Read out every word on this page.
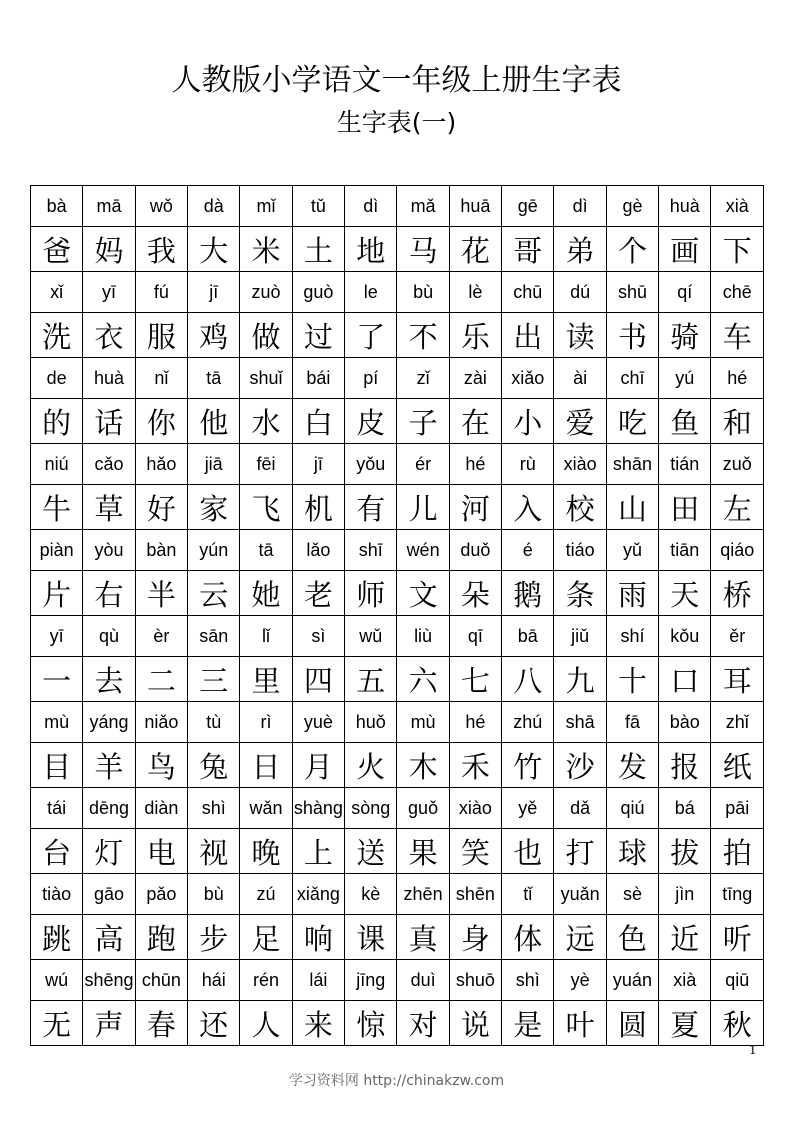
人教版小学语文一年级上册生字表
生字表(一)
bà	mā	wǒ	dà	mǐ	tǔ	dì	mǎ	huā	gē	dì	gè	huà	xià
爸	妈	我	大	米	土	地	马	花	哥	弟	个	画	下
xǐ	yī	fú	jī	zuò	guò	le	bù	lè	chū	dú	shū	qí	chē
洗	衣	服	鸡	做	过	了	不	乐	出	读	书	骑	车
de	huà	nǐ	tā	shuǐ	bái	pí	zǐ	zài	xiǎo	ài	chī	yú	hé
的	话	你	他	水	白	皮	子	在	小	爱	吃	鱼	和
niú	cǎo	hǎo	jiā	fēi	jī	yǒu	ér	hé	rù	xiào	shān	tián	zuǒ
牛	草	好	家	飞	机	有	儿	河	入	校	山	田	左
piàn	yòu	bàn	yún	tā	lǎo	shī	wén	duǒ	é	tiáo	yǔ	tiān	qiáo
片	右	半	云	她	老	师	文	朵	鹅	条	雨	天	桥
yī	qù	èr	sān	lǐ	sì	wǔ	liù	qī	bā	jiǔ	shí	kǒu	ěr
一	去	二	三	里	四	五	六	七	八	九	十	口	耳
mù	yáng	niǎo	tù	rì	yuè	huǒ	mù	hé	zhú	shā	fā	bào	zhǐ
目	羊	鸟	兔	日	月	火	木	禾	竹	沙	发	报	纸
tái	dēng	diàn	shì	wǎn	shàng	sòng	guǒ	xiào	yě	dǎ	qiú	bá	pāi
台	灯	电	视	晚	上	送	果	笑	也	打	球	拔	拍
tiào	gāo	pǎo	bù	zú	xiǎng	kè	zhēn	shēn	tǐ	yuǎn	sè	jìn	tīng
跳	高	跑	步	足	响	课	真	身	体	远	色	近	听
wú	shēng	chūn	hái	rén	lái	jīng	duì	shuō	shì	yè	yuán	xià	qiū
无	声	春	还	人	来	惊	对	说	是	叶	圆	夏	秋
1
学习资料网 http://chinakzw.com
